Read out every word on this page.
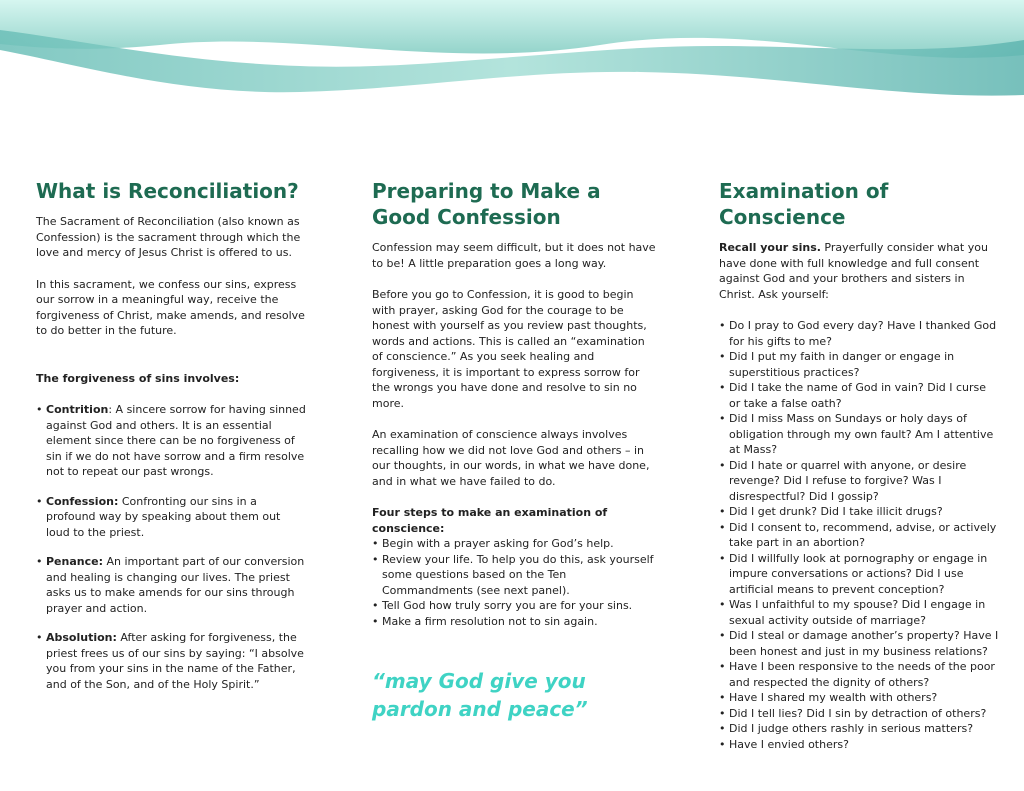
What is Reconciliation?

The Sacrament of Reconciliation (also known as Confession) is the sacrament through which the love and mercy of Jesus Christ is offered to us.

In this sacrament, we confess our sins, express our sorrow in a meaningful way, receive the forgiveness of Christ, make amends, and resolve to do better in the future.

The forgiveness of sins involves:

• Contrition: A sincere sorrow for having sinned against God and others. It is an essential element since there can be no forgiveness of sin if we do not have sorrow and a firm resolve not to repeat our past wrongs.
• Confession: Confronting our sins in a profound way by speaking about them out loud to the priest.
• Penance: An important part of our conversion and healing is changing our lives. The priest asks us to make amends for our sins through prayer and action.
• Absolution: After asking for forgiveness, the priest frees us of our sins by saying: “I absolve you from your sins in the name of the Father, and of the Son, and of the Holy Spirit.”
Preparing to Make a Good Confession

Confession may seem difficult, but it does not have to be! A little preparation goes a long way.

Before you go to Confession, it is good to begin with prayer, asking God for the courage to be honest with yourself as you review past thoughts, words and actions. This is called an “examination of conscience.” As you seek healing and forgiveness, it is important to express sorrow for the wrongs you have done and resolve to sin no more.

An examination of conscience always involves recalling how we did not love God and others – in our thoughts, in our words, in what we have done, and in what we have failed to do.

Four steps to make an examination of conscience:

• Begin with a prayer asking for God’s help.
• Review your life. To help you do this, ask yourself some questions based on the Ten Commandments (see next panel).
• Tell God how truly sorry you are for your sins.
• Make a firm resolution not to sin again.
“may God give you pardon and peace”
Examination of Conscience

Recall your sins. Prayerfully consider what you have done with full knowledge and full consent against God and your brothers and sisters in Christ. Ask yourself:

• Do I pray to God every day? Have I thanked God for his gifts to me?
• Did I put my faith in danger or engage in superstitious practices?
• Did I take the name of God in vain? Did I curse or take a false oath?
• Did I miss Mass on Sundays or holy days of obligation through my own fault? Am I attentive at Mass?
• Did I hate or quarrel with anyone, or desire revenge? Did I refuse to forgive? Was I disrespectful? Did I gossip?
• Did I get drunk? Did I take illicit drugs?
• Did I consent to, recommend, advise, or actively take part in an abortion?
• Did I willfully look at pornography or engage in impure conversations or actions? Did I use artificial means to prevent conception?
• Was I unfaithful to my spouse? Did I engage in sexual activity outside of marriage?
• Did I steal or damage another’s property? Have I been honest and just in my business relations?
• Have I been responsive to the needs of the poor and respected the dignity of others?
• Have I shared my wealth with others?
• Did I tell lies? Did I sin by detraction of others?
• Did I judge others rashly in serious matters?
• Have I envied others?
